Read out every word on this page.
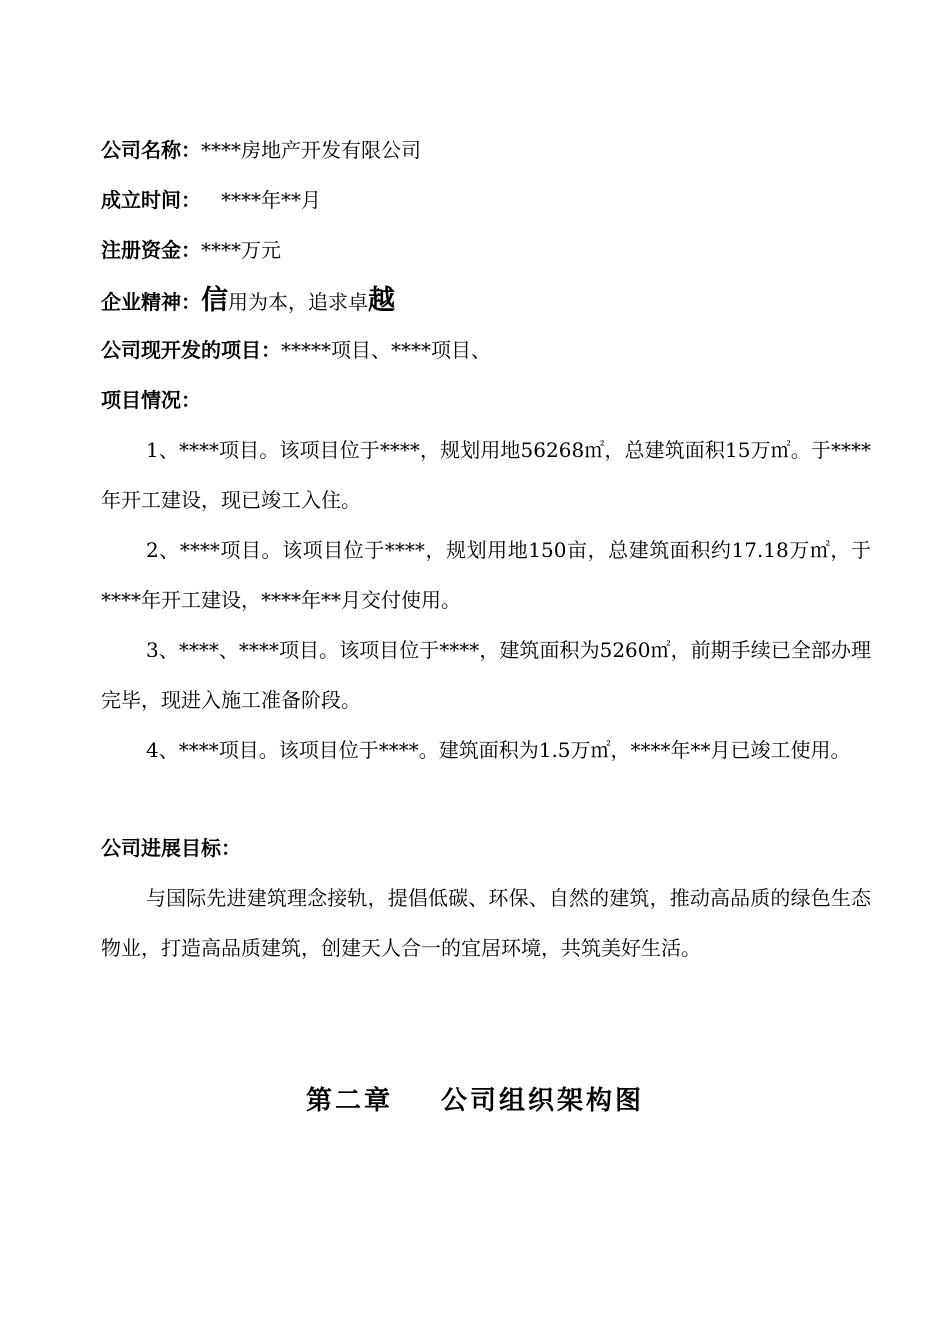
公司名称：****房地产开发有限公司
成立时间： ****年**月
注册资金：****万元
企业精神：信用为本，追求卓越
公司现开发的项目：*****项目、****项目、
项目情况：
1、****项目。该项目位于****，规划用地56268㎡，总建筑面积15万㎡。于****年开工建设，现已竣工入住。
2、****项目。该项目位于****，规划用地150亩，总建筑面积约17.18万㎡，于****年开工建设，****年**月交付使用。
3、****、****项目。该项目位于****，建筑面积为5260㎡，前期手续已全部办理完毕，现进入施工准备阶段。
4、****项目。该项目位于****。建筑面积为1.5万㎡，****年**月已竣工使用。
公司进展目标：
与国际先进建筑理念接轨，提倡低碳、环保、自然的建筑，推动高品质的绿色生态物业，打造高品质建筑，创建天人合一的宜居环境，共筑美好生活。
第二章 公司组织架构图
